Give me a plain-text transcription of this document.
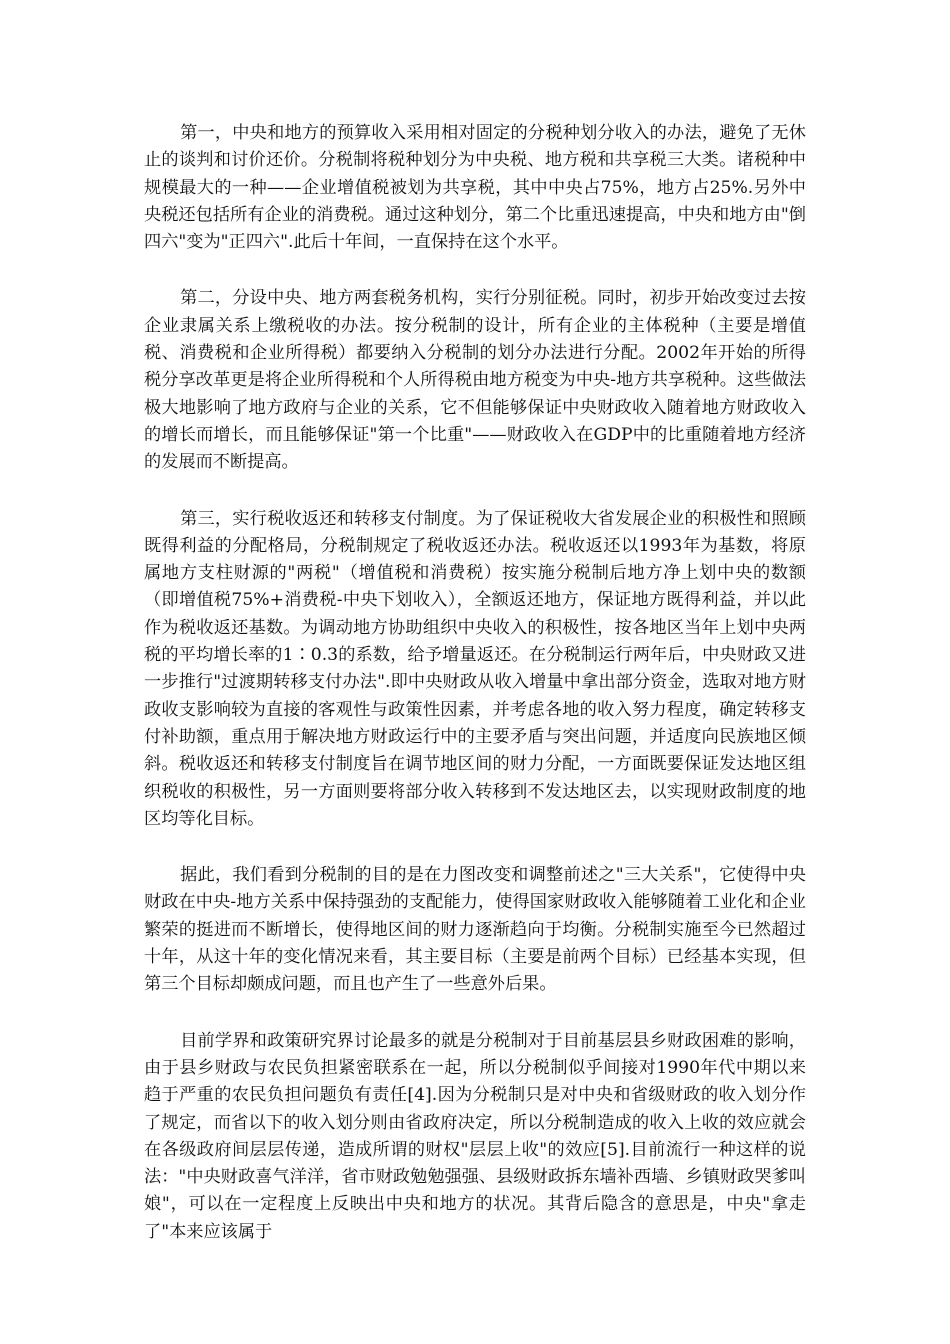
第一，中央和地方的预算收入采用相对固定的分税种划分收入的办法，避免了无休止的谈判和讨价还价。分税制将税种划分为中央税、地方税和共享税三大类。诸税种中规模最大的一种——企业增值税被划为共享税，其中中央占75%，地方占25%.另外中央税还包括所有企业的消费税。通过这种划分，第二个比重迅速提高，中央和地方由"倒四六"变为"正四六".此后十年间，一直保持在这个水平。

第二，分设中央、地方两套税务机构，实行分别征税。同时，初步开始改变过去按企业隶属关系上缴税收的办法。按分税制的设计，所有企业的主体税种（主要是增值税、消费税和企业所得税）都要纳入分税制的划分办法进行分配。2002年开始的所得税分享改革更是将企业所得税和个人所得税由地方税变为中央-地方共享税种。这些做法极大地影响了地方政府与企业的关系，它不但能够保证中央财政收入随着地方财政收入的增长而增长，而且能够保证"第一个比重"——财政收入在GDP中的比重随着地方经济的发展而不断提高。

第三，实行税收返还和转移支付制度。为了保证税收大省发展企业的积极性和照顾既得利益的分配格局，分税制规定了税收返还办法。税收返还以1993年为基数，将原属地方支柱财源的"两税"（增值税和消费税）按实施分税制后地方净上划中央的数额（即增值税75%+消费税-中央下划收入），全额返还地方，保证地方既得利益，并以此作为税收返还基数。为调动地方协助组织中央收入的积极性，按各地区当年上划中央两税的平均增长率的1∶0.3的系数，给予增量返还。在分税制运行两年后，中央财政又进一步推行"过渡期转移支付办法".即中央财政从收入增量中拿出部分资金，选取对地方财政收支影响较为直接的客观性与政策性因素，并考虑各地的收入努力程度，确定转移支付补助额，重点用于解决地方财政运行中的主要矛盾与突出问题，并适度向民族地区倾斜。税收返还和转移支付制度旨在调节地区间的财力分配，一方面既要保证发达地区组织税收的积极性，另一方面则要将部分收入转移到不发达地区去，以实现财政制度的地区均等化目标。

据此，我们看到分税制的目的是在力图改变和调整前述之"三大关系"，它使得中央财政在中央-地方关系中保持强劲的支配能力，使得国家财政收入能够随着工业化和企业繁荣的挺进而不断增长，使得地区间的财力逐渐趋向于均衡。分税制实施至今已然超过十年，从这十年的变化情况来看，其主要目标（主要是前两个目标）已经基本实现，但第三个目标却颇成问题，而且也产生了一些意外后果。

目前学界和政策研究界讨论最多的就是分税制对于目前基层县乡财政困难的影响，由于县乡财政与农民负担紧密联系在一起，所以分税制似乎间接对1990年代中期以来趋于严重的农民负担问题负有责任[4].因为分税制只是对中央和省级财政的收入划分作了规定，而省以下的收入划分则由省政府决定，所以分税制造成的收入上收的效应就会在各级政府间层层传递，造成所谓的财权"层层上收"的效应[5].目前流行一种这样的说法："中央财政喜气洋洋，省市财政勉勉强强、县级财政拆东墙补西墙、乡镇财政哭爹叫娘"，可以在一定程度上反映出中央和地方的状况。其背后隐含的意思是，中央"拿走了"本来应该属于
